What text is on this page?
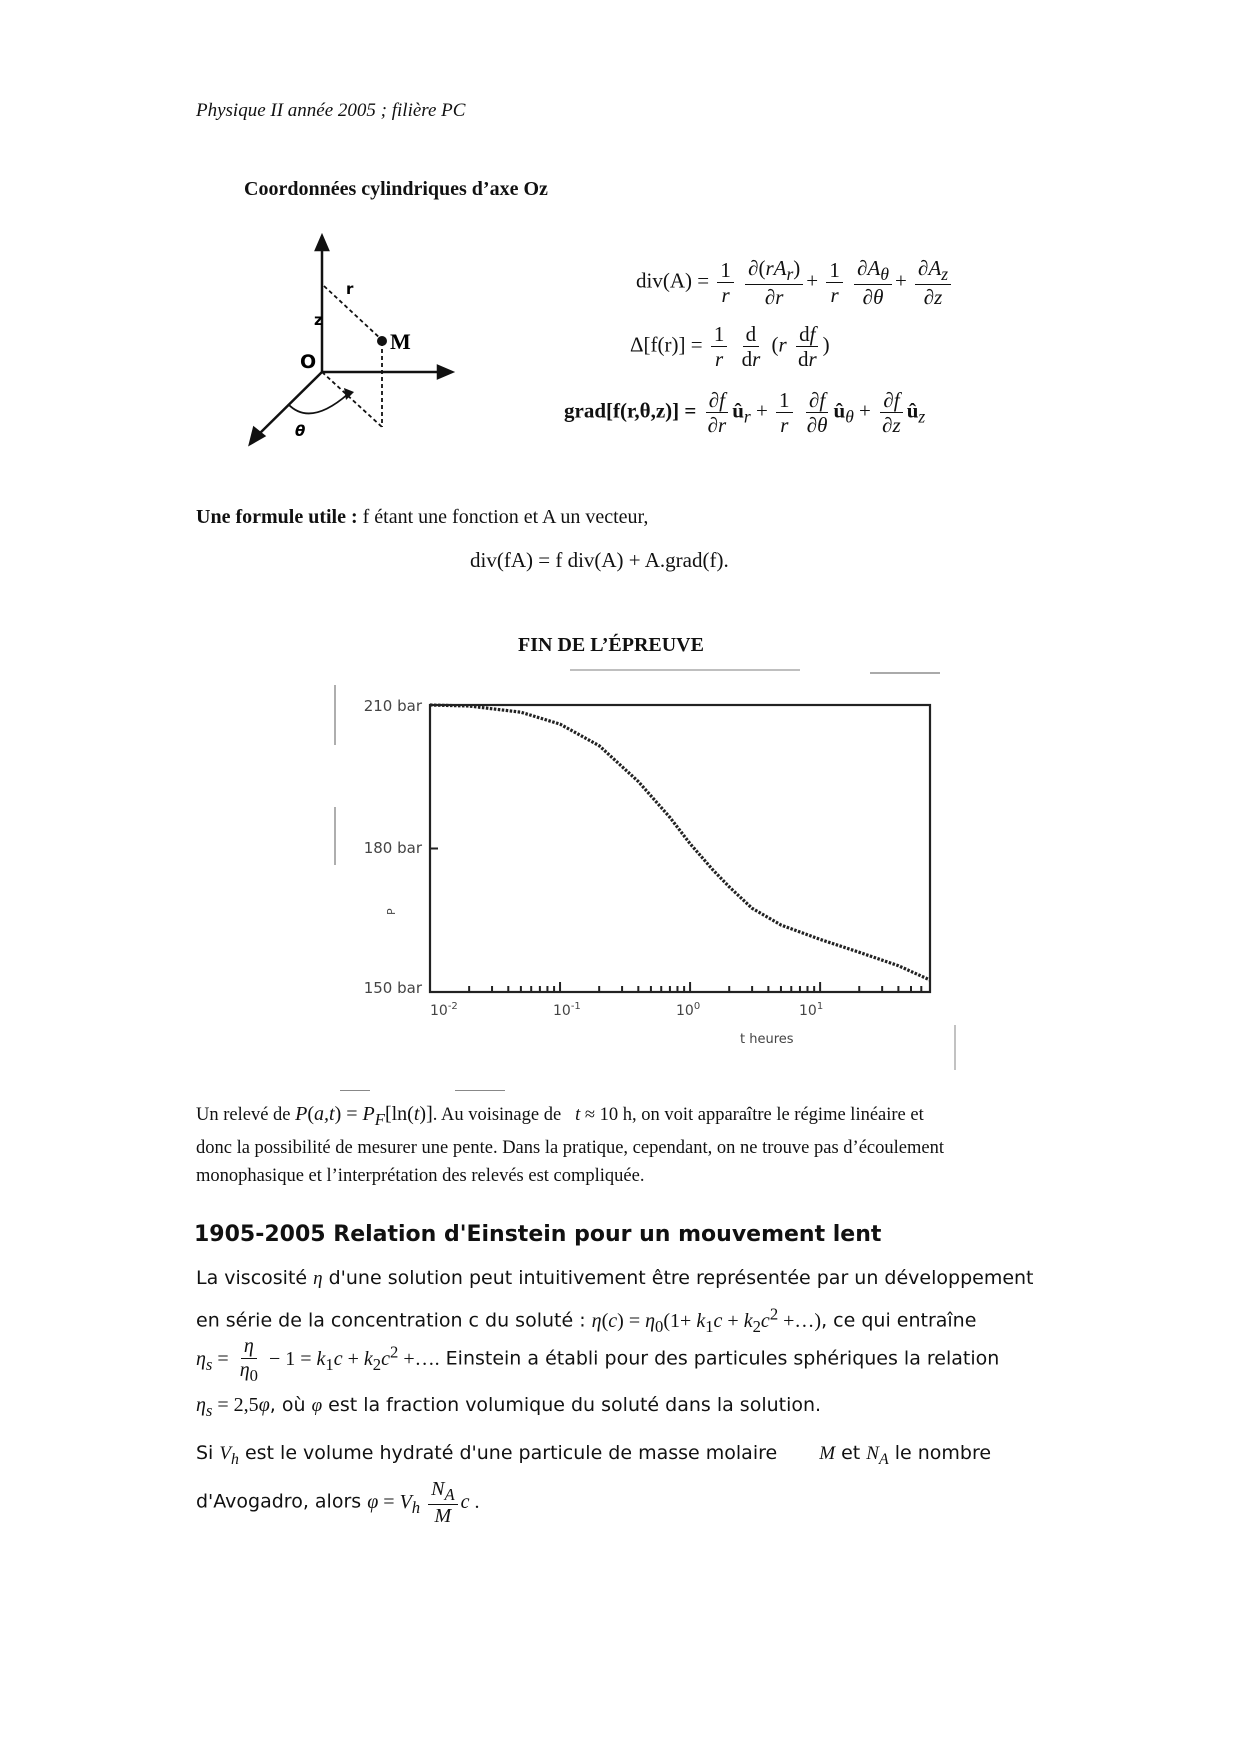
Physique II année 2005 ; filière PC
Coordonnées cylindriques d’axe Oz
z
r
M
O
θ
$div(A) = \frac{1}{r}$
$\frac{\partial(rA_r)}{\partial r} + \frac{1}{r}$
$\frac{\partial A_\theta}{\partial\theta} + \frac{\partial A_z}{\partial z}$
$\Delta[f(r)] = \frac{1}{r}$
$\frac{d}{dr} (r \frac{df}{dr}$ )
grad[f(r,θ,z)] = $\frac{\partial f}{\partial r}$ $û_r + \frac{1}{r}$
$\frac{\partial f}{\partial\theta}$ $û_\theta + \frac{\partial f}{\partial z}$ $û_z$
Une formule utile : f étant une fonction et A un vecteur,
div(fA) = f div(A) + A.grad(f).
FIN DE L’ÉPREUVE
210 bar
180 bar
150 bar
P
$10^{-2}$	$10^{-1}$	$10^0$	$10^1$
t heures
Un relevé de $P(a,t) = P_F[\ln(t)]$. Au voisinage de   t ≈ 10 h, on voit apparaître le régime linéaire et
donc la possibilité de mesurer une pente. Dans la pratique, cependant, on ne trouve pas d’écoulement
monophasique et l’interprétation des relevés est compliquée.
1905-2005 Relation d'Einstein pour un mouvement lent
La viscosité η d'une solution peut intuitivement être représentée par un développement
en série de la concentration c du soluté : $\eta(c) = \eta_0(1+ k_1c + k_2c^2$ +…), ce qui entraîne
$\eta_s = \frac{\eta}{\eta_0} - 1 = k_1c + k_2c^2$ +…. Einstein a établi pour des particules sphériques la relation
$\eta_s = 2,5\varphi$, où φ est la fraction volumique du soluté dans la solution.
Si $V_h$ est le volume hydraté d'une particule de masse molaire M et $N_A$ le nombre
d'Avogadro, alors $\varphi = V_h \frac{N_A}{M}$ c .
